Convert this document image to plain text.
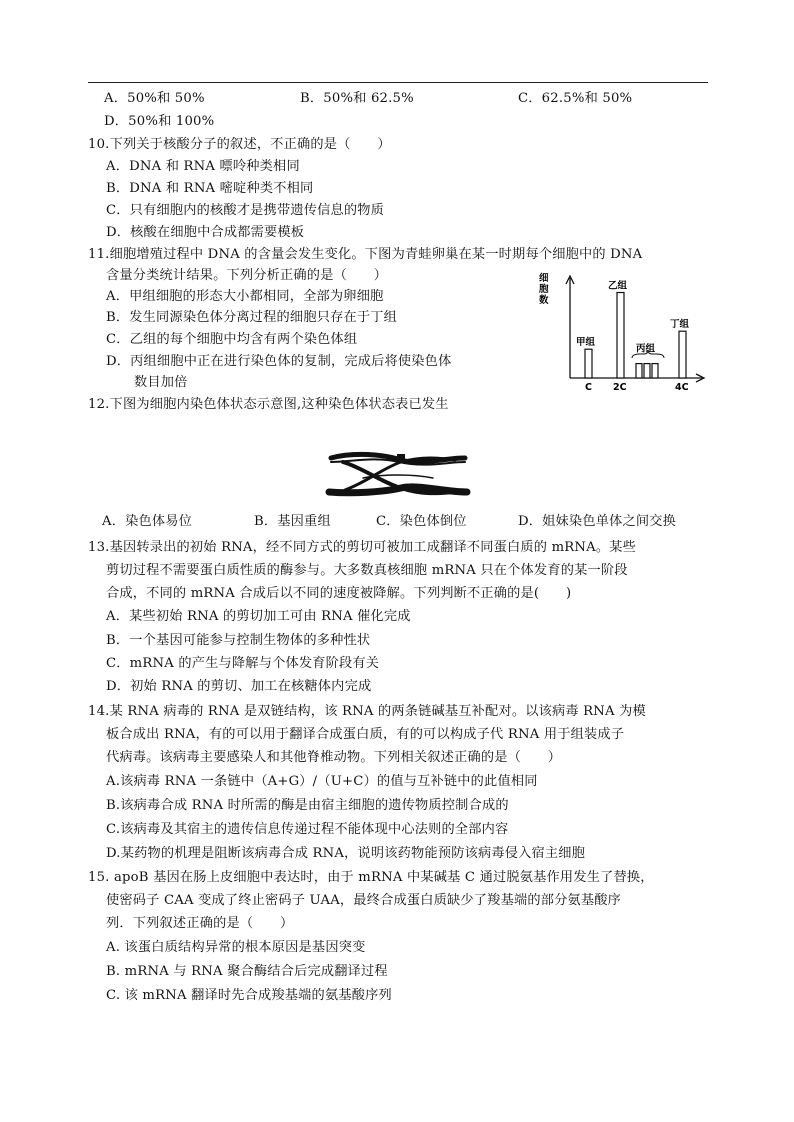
A．50%和 50%	B．50%和 62.5%	C．62.5%和 50%
D．50%和 100%
10.下列关于核酸分子的叙述，不正确的是（　　）
A．DNA 和 RNA 嘌呤种类相同
B．DNA 和 RNA 嘧啶种类不相同
C．只有细胞内的核酸才是携带遗传信息的物质
D．核酸在细胞中合成都需要模板
11.细胞增殖过程中 DNA 的含量会发生变化。下图为青蛙卵巢在某一时期每个细胞中的 DNA
含量分类统计结果。下列分析正确的是（　　）
A．甲组细胞的形态大小都相同，全部为卵细胞
B．发生同源染色体分离过程的细胞只存在于丁组
C．乙组的每个细胞中均含有两个染色体组
D．丙组细胞中正在进行染色体的复制，完成后将使染色体
数目加倍
细
胞
数
C 2C	4C
甲组
乙组
丙组
丁组
12.下图为细胞内染色体状态示意图,这种染色体状态表已发生
A．染色体易位	B．基因重组	C．染色体倒位	D．姐妹染色单体之间交换
13.基因转录出的初始 RNA，经不同方式的剪切可被加工成翻译不同蛋白质的 mRNA。某些
剪切过程不需要蛋白质性质的酶参与。大多数真核细胞 mRNA 只在个体发育的某一阶段
合成，不同的 mRNA 合成后以不同的速度被降解。下列判断不正确的是(　　)
A．某些初始 RNA 的剪切加工可由 RNA 催化完成
B．一个基因可能参与控制生物体的多种性状
C．mRNA 的产生与降解与个体发育阶段有关
D．初始 RNA 的剪切、加工在核糖体内完成
14.某 RNA 病毒的 RNA 是双链结构，该 RNA 的两条链碱基互补配对。以该病毒 RNA 为模
板合成出 RNA，有的可以用于翻译合成蛋白质，有的可以构成子代 RNA 用于组装成子
代病毒。该病毒主要感染人和其他脊椎动物。下列相关叙述正确的是（　　）
A.该病毒 RNA 一条链中（A+G）/（U+C）的值与互补链中的此值相同
B.该病毒合成 RNA 时所需的酶是由宿主细胞的遗传物质控制合成的
C.该病毒及其宿主的遗传信息传递过程不能体现中心法则的全部内容
D.某药物的机理是阻断该病毒合成 RNA，说明该药物能预防该病毒侵入宿主细胞
15. apoB 基因在肠上皮细胞中表达时，由于 mRNA 中某碱基 C 通过脱氨基作用发生了替换，
使密码子 CAA 变成了终止密码子 UAA，最终合成蛋白质缺少了羧基端的部分氨基酸序
列．下列叙述正确的是（　　）
A. 该蛋白质结构异常的根本原因是基因突变
B. mRNA 与 RNA 聚合酶结合后完成翻译过程
C. 该 mRNA 翻译时先合成羧基端的氨基酸序列
